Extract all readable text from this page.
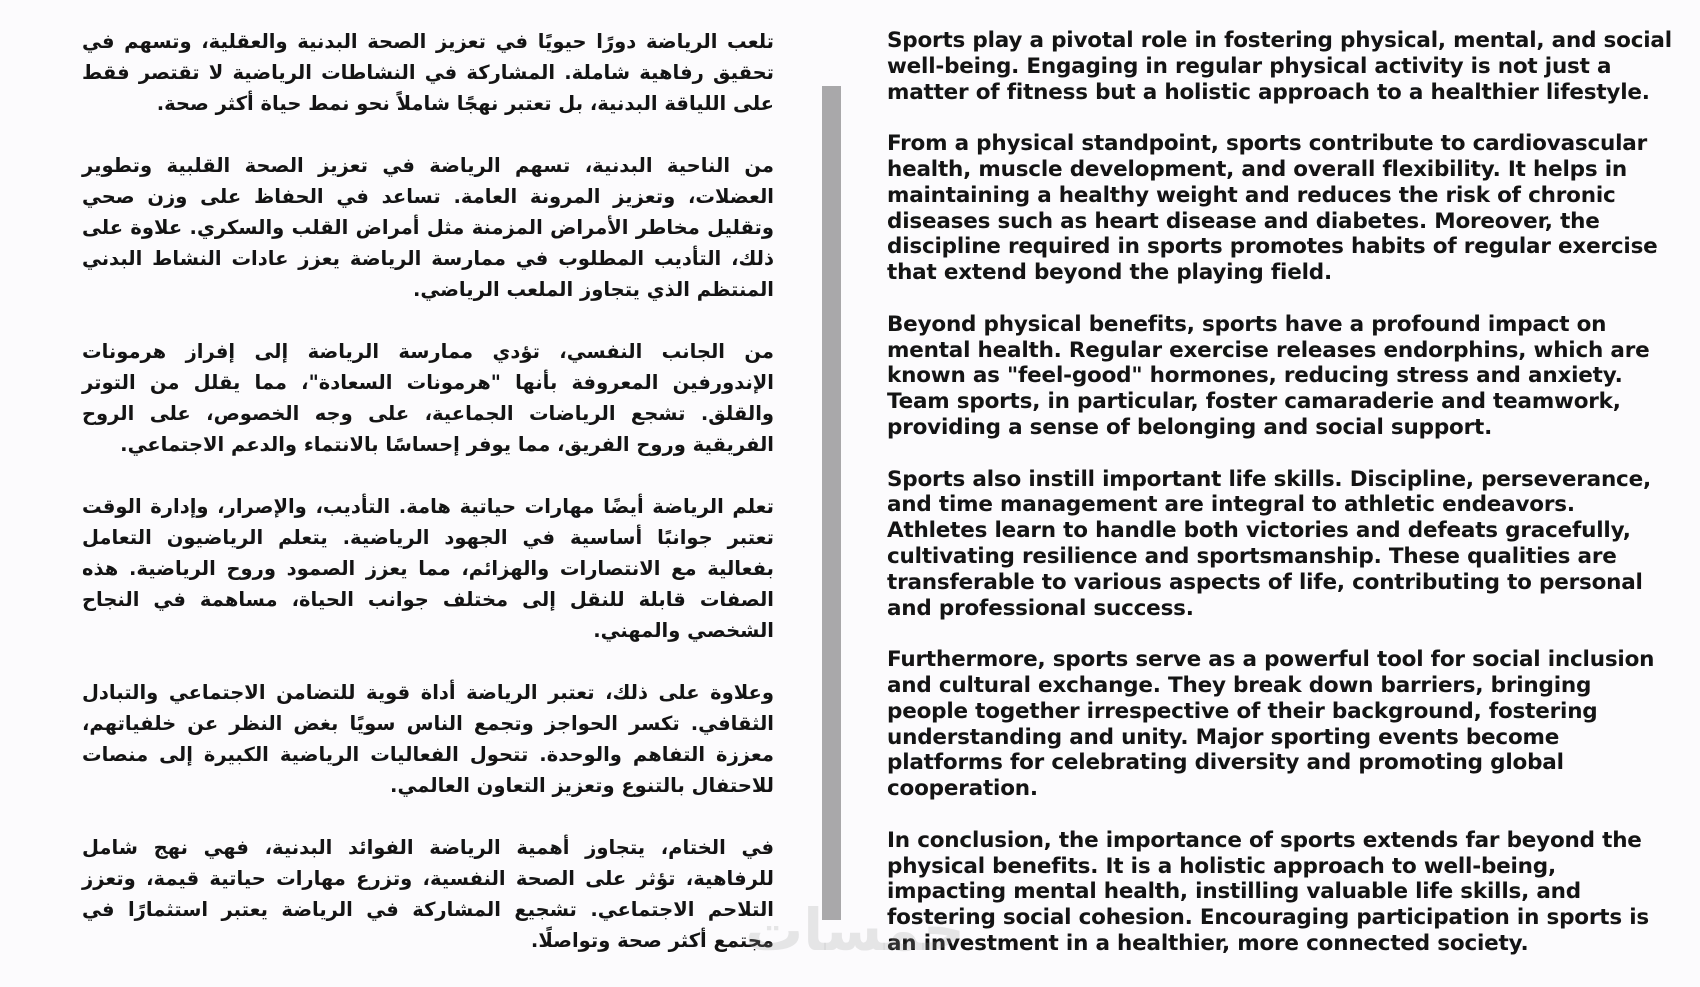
تلعب الرياضة دورًا حيويًا في تعزيز الصحة البدنية والعقلية، وتسهم في تحقيق رفاهية شاملة. المشاركة في النشاطات الرياضية لا تقتصر فقط على اللياقة البدنية، بل تعتبر نهجًا شاملاً نحو نمط حياة أكثر صحة.

من الناحية البدنية، تسهم الرياضة في تعزيز الصحة القلبية وتطوير العضلات، وتعزيز المرونة العامة. تساعد في الحفاظ على وزن صحي وتقليل مخاطر الأمراض المزمنة مثل أمراض القلب والسكري. علاوة على ذلك، التأديب المطلوب في ممارسة الرياضة يعزز عادات النشاط البدني المنتظم الذي يتجاوز الملعب الرياضي.

من الجانب النفسي، تؤدي ممارسة الرياضة إلى إفراز هرمونات الإندورفين المعروفة بأنها "هرمونات السعادة"، مما يقلل من التوتر والقلق. تشجع الرياضات الجماعية، على وجه الخصوص، على الروح الفريقية وروح الفريق، مما يوفر إحساسًا بالانتماء والدعم الاجتماعي.

تعلم الرياضة أيضًا مهارات حياتية هامة. التأديب، والإصرار، وإدارة الوقت تعتبر جوانبًا أساسية في الجهود الرياضية. يتعلم الرياضيون التعامل بفعالية مع الانتصارات والهزائم، مما يعزز الصمود وروح الرياضية. هذه الصفات قابلة للنقل إلى مختلف جوانب الحياة، مساهمة في النجاح الشخصي والمهني.

وعلاوة على ذلك، تعتبر الرياضة أداة قوية للتضامن الاجتماعي والتبادل الثقافي. تكسر الحواجز وتجمع الناس سويًا بغض النظر عن خلفياتهم، معززة التفاهم والوحدة. تتحول الفعاليات الرياضية الكبيرة إلى منصات للاحتفال بالتنوع وتعزيز التعاون العالمي.

في الختام، يتجاوز أهمية الرياضة الفوائد البدنية، فهي نهج شامل للرفاهية، تؤثر على الصحة النفسية، وتزرع مهارات حياتية قيمة، وتعزز التلاحم الاجتماعي. تشجيع المشاركة في الرياضة يعتبر استثمارًا في مجتمع أكثر صحة وتواصلًا.

Sports play a pivotal role in fostering physical, mental, and social well-being. Engaging in regular physical activity is not just a matter of fitness but a holistic approach to a healthier lifestyle.

From a physical standpoint, sports contribute to cardiovascular health, muscle development, and overall flexibility. It helps in maintaining a healthy weight and reduces the risk of chronic diseases such as heart disease and diabetes. Moreover, the discipline required in sports promotes habits of regular exercise that extend beyond the playing field.

Beyond physical benefits, sports have a profound impact on mental health. Regular exercise releases endorphins, which are known as "feel-good" hormones, reducing stress and anxiety. Team sports, in particular, foster camaraderie and teamwork, providing a sense of belonging and social support.

Sports also instill important life skills. Discipline, perseverance, and time management are integral to athletic endeavors. Athletes learn to handle both victories and defeats gracefully, cultivating resilience and sportsmanship. These qualities are transferable to various aspects of life, contributing to personal and professional success.

Furthermore, sports serve as a powerful tool for social inclusion and cultural exchange. They break down barriers, bringing people together irrespective of their background, fostering understanding and unity. Major sporting events become platforms for celebrating diversity and promoting global cooperation.

In conclusion, the importance of sports extends far beyond the physical benefits. It is a holistic approach to well-being, impacting mental health, instilling valuable life skills, and fostering social cohesion. Encouraging participation in sports is an investment in a healthier, more connected society.

خمسات
